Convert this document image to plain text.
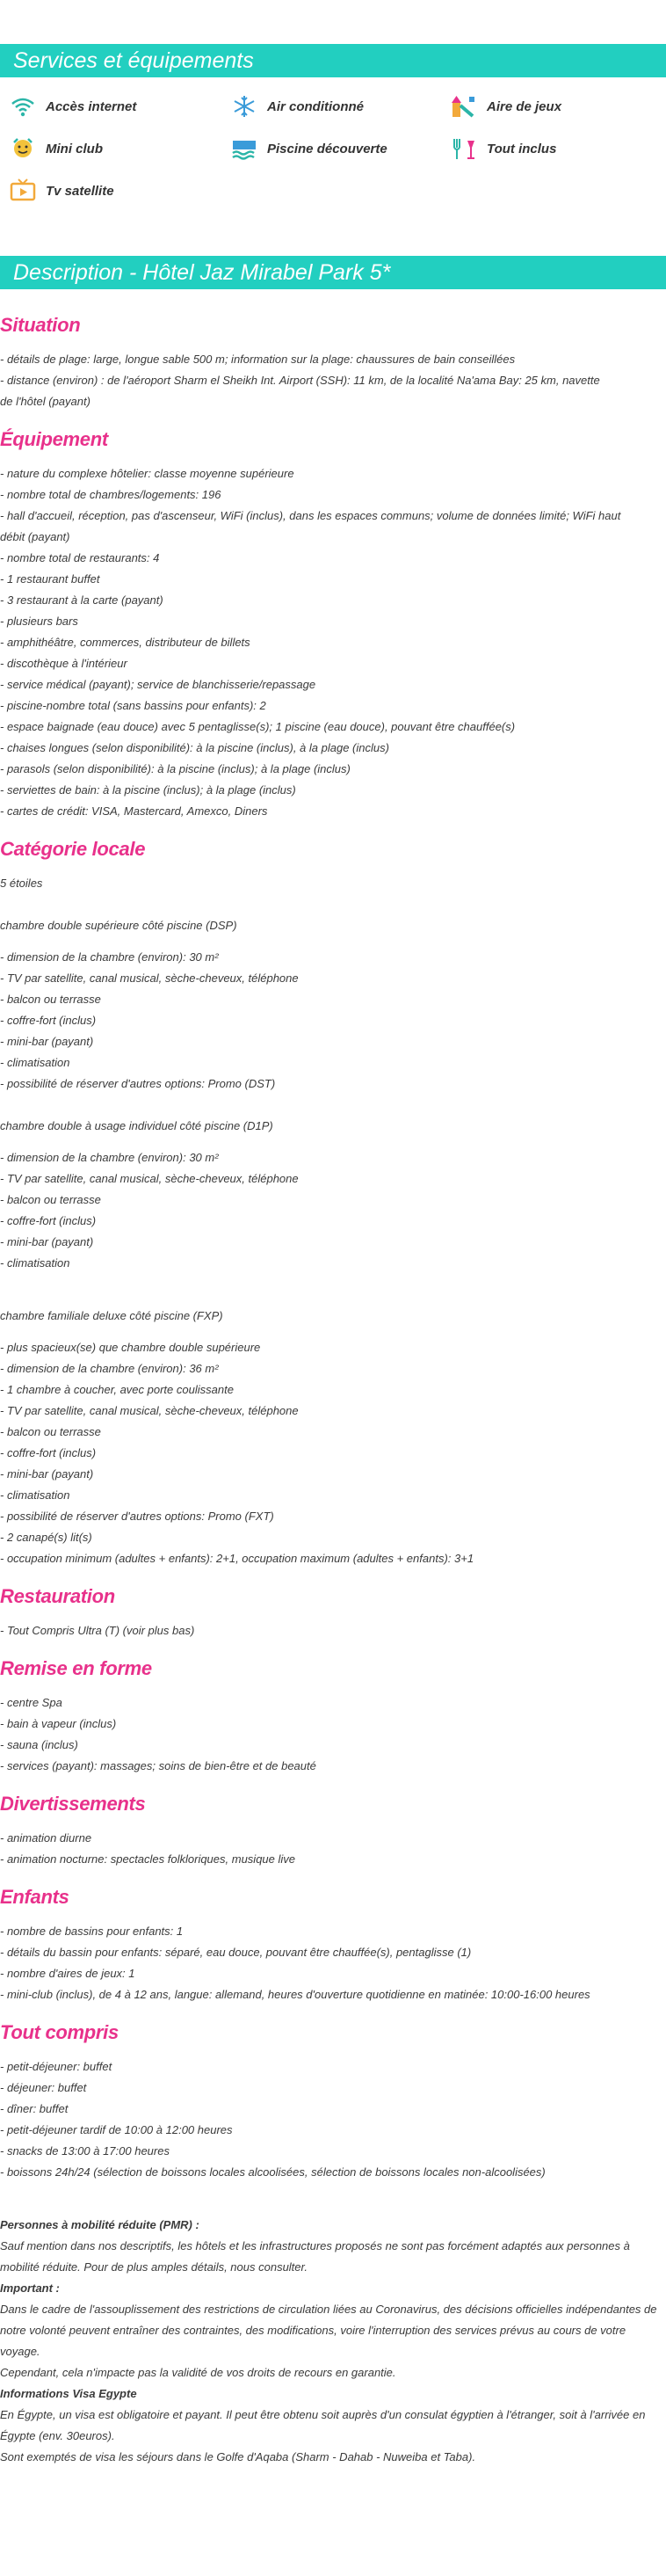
Services et équipements
Accès internet	Air conditionné	Aire de jeux
Mini club	Piscine découverte	Tout inclus
Tv satellite
Description - Hôtel Jaz Mirabel Park 5*
Situation
- détails de plage: large, longue sable 500 m; information sur la plage: chaussures de bain conseillées
- distance (environ) : de l'aéroport Sharm el Sheikh Int. Airport (SSH): 11 km, de la localité Na'ama Bay: 25 km, navette
de l'hôtel (payant)
Équipement
- nature du complexe hôtelier: classe moyenne supérieure
- nombre total de chambres/logements: 196
- hall d'accueil, réception, pas d'ascenseur, WiFi (inclus), dans les espaces communs; volume de données limité; WiFi haut
débit (payant)
- nombre total de restaurants: 4
- 1 restaurant buffet
- 3 restaurant à la carte (payant)
- plusieurs bars
- amphithéâtre, commerces, distributeur de billets
- discothèque à l'intérieur
- service médical (payant); service de blanchisserie/repassage
- piscine-nombre total (sans bassins pour enfants): 2
- espace baignade (eau douce) avec 5 pentaglisse(s); 1 piscine (eau douce), pouvant être chauffée(s)
- chaises longues (selon disponibilité): à la piscine (inclus), à la plage (inclus)
- parasols (selon disponibilité): à la piscine (inclus); à la plage (inclus)
- serviettes de bain: à la piscine (inclus); à la plage (inclus)
- cartes de crédit: VISA, Mastercard, Amexco, Diners
Catégorie locale
5 étoiles
chambre double supérieure côté piscine (DSP)
- dimension de la chambre (environ): 30 m²
- TV par satellite, canal musical, sèche-cheveux, téléphone
- balcon ou terrasse
- coffre-fort (inclus)
- mini-bar (payant)
- climatisation
- possibilité de réserver d'autres options: Promo (DST)
chambre double à usage individuel côté piscine (D1P)
- dimension de la chambre (environ): 30 m²
- TV par satellite, canal musical, sèche-cheveux, téléphone
- balcon ou terrasse
- coffre-fort (inclus)
- mini-bar (payant)
- climatisation
chambre familiale deluxe côté piscine (FXP)
- plus spacieux(se) que chambre double supérieure
- dimension de la chambre (environ): 36 m²
- 1 chambre à coucher, avec porte coulissante
- TV par satellite, canal musical, sèche-cheveux, téléphone
- balcon ou terrasse
- coffre-fort (inclus)
- mini-bar (payant)
- climatisation
- possibilité de réserver d'autres options: Promo (FXT)
- 2 canapé(s) lit(s)
- occupation minimum (adultes + enfants): 2+1, occupation maximum (adultes + enfants): 3+1
Restauration
- Tout Compris Ultra (T) (voir plus bas)
Remise en forme
- centre Spa
- bain à vapeur (inclus)
- sauna (inclus)
- services (payant): massages; soins de bien-être et de beauté
Divertissements
- animation diurne
- animation nocturne: spectacles folkloriques, musique live
Enfants
- nombre de bassins pour enfants: 1
- détails du bassin pour enfants: séparé, eau douce, pouvant être chauffée(s), pentaglisse (1)
- nombre d'aires de jeux: 1
- mini-club (inclus), de 4 à 12 ans, langue: allemand, heures d'ouverture quotidienne en matinée: 10:00-16:00 heures
Tout compris
- petit-déjeuner: buffet
- déjeuner: buffet
- dîner: buffet
- petit-déjeuner tardif de 10:00 à 12:00 heures
- snacks de 13:00 à 17:00 heures
- boissons 24h/24 (sélection de boissons locales alcoolisées, sélection de boissons locales non-alcoolisées)
Personnes à mobilité réduite (PMR) :
Sauf mention dans nos descriptifs, les hôtels et les infrastructures proposés ne sont pas forcément adaptés aux personnes à mobilité réduite. Pour de plus amples détails, nous consulter.
Important :
Dans le cadre de l'assouplissement des restrictions de circulation liées au Coronavirus, des décisions officielles indépendantes de notre volonté peuvent entraîner des contraintes, des modifications, voire l'interruption des services prévus au cours de votre voyage.
Cependant, cela n'impacte pas la validité de vos droits de recours en garantie.
Informations Visa Egypte
En Égypte, un visa est obligatoire et payant. Il peut être obtenu soit auprès d'un consulat égyptien à l'étranger, soit à l'arrivée en Égypte (env. 30euros).
Sont exemptés de visa les séjours dans le Golfe d'Aqaba (Sharm - Dahab - Nuweiba et Taba).
